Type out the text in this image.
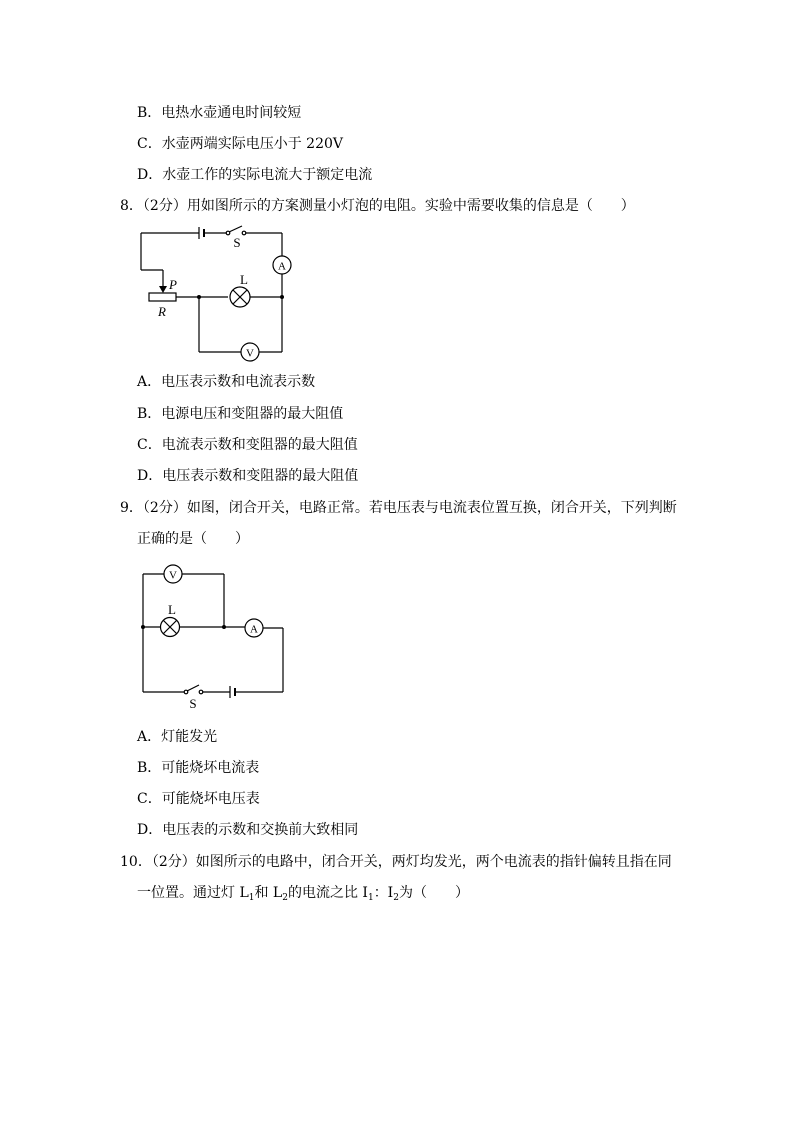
B．电热水壶通电时间较短
C．水壶两端实际电压小于 220V
D．水壶工作的实际电流大于额定电流
8．（2分）用如图所示的方案测量小灯泡的电阻。实验中需要收集的信息是（　　）
S
A
L
P
R
V
V
L
A
S
A．电压表示数和电流表示数
B．电源电压和变阻器的最大阻值
C．电流表示数和变阻器的最大阻值
D．电压表示数和变阻器的最大阻值
9．（2分）如图，闭合开关，电路正常。若电压表与电流表位置互换，闭合开关，下列判断
正确的是（　　）
A．灯能发光
B．可能烧坏电流表
C．可能烧坏电压表
D．电压表的示数和交换前大致相同
10．（2分）如图所示的电路中，闭合开关，两灯均发光，两个电流表的指针偏转且指在同
一位置。通过灯 $L_1$和 $L_2$的电流之比 $I_1$：$I_2$为（　　）
